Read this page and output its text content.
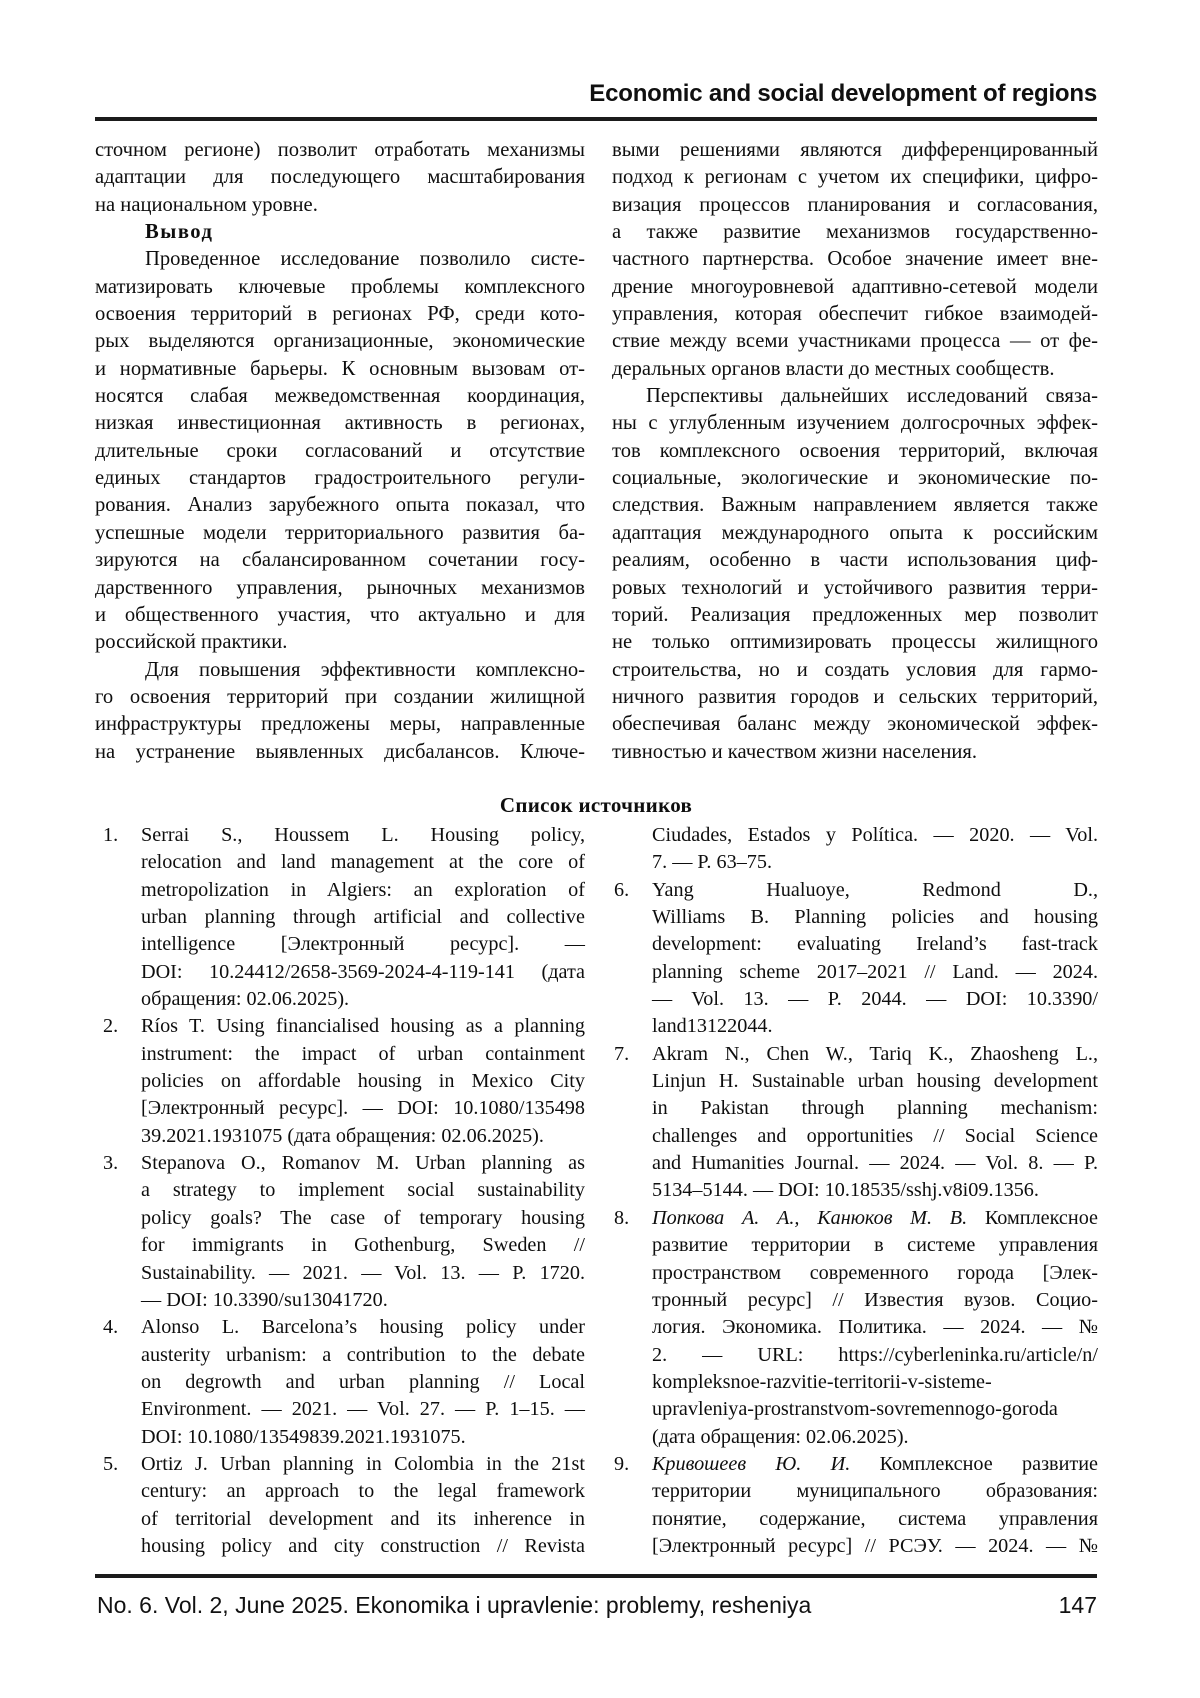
Economic and social development of regions
сточном регионе) позволит отработать механизмы
адаптации для последующего масштабирования
на национальном уровне.
Вывод
Проведенное исследование позволило систе-
матизировать ключевые проблемы комплексного
освоения территорий в регионах РФ, среди кото-
рых выделяются организационные, экономические
и нормативные барьеры. К основным вызовам от-
носятся слабая межведомственная координация,
низкая инвестиционная активность в регионах,
длительные сроки согласований и отсутствие
единых стандартов градостроительного регули-
рования. Анализ зарубежного опыта показал, что
успешные модели территориального развития ба-
зируются на сбалансированном сочетании госу-
дарственного управления, рыночных механизмов
и общественного участия, что актуально и для
российской практики.
Для повышения эффективности комплексно-
го освоения территорий при создании жилищной
инфраструктуры предложены меры, направленные
на устранение выявленных дисбалансов. Ключе-
выми решениями являются дифференцированный
подход к регионам с учетом их специфики, цифро-
визация процессов планирования и согласования,
а также развитие механизмов государственно-
частного партнерства. Особое значение имеет вне-
дрение многоуровневой адаптивно-сетевой модели
управления, которая обеспечит гибкое взаимодей-
ствие между всеми участниками процесса — от фе-
деральных органов власти до местных сообществ.
Перспективы дальнейших исследований связа-
ны с углубленным изучением долгосрочных эффек-
тов комплексного освоения территорий, включая
социальные, экологические и экономические по-
следствия. Важным направлением является также
адаптация международного опыта к российским
реалиям, особенно в части использования циф-
ровых технологий и устойчивого развития терри-
торий. Реализация предложенных мер позволит
не только оптимизировать процессы жилищного
строительства, но и создать условия для гармо-
ничного развития городов и сельских территорий,
обеспечивая баланс между экономической эффек-
тивностью и качеством жизни населения.
Список источников
1. Serrai S., Houssem L. Housing policy,
relocation and land management at the core of
metropolization in Algiers: an exploration of
urban planning through artificial and collective
intelligence [Электронный ресурс]. —
DOI: 10.24412/2658-3569-2024-4-119-141 (дата
обращения: 02.06.2025).
2. Ríos T. Using financialised housing as a planning
instrument: the impact of urban containment
policies on affordable housing in Mexico City
[Электронный ресурс]. — DOI: 10.1080/135498
39.2021.1931075 (дата обращения: 02.06.2025).
3. Stepanova O., Romanov M. Urban planning as
a strategy to implement social sustainability
policy goals? The case of temporary housing
for immigrants in Gothenburg, Sweden //
Sustainability. — 2021. — Vol. 13. — P. 1720.
— DOI: 10.3390/su13041720.
4. Alonso L. Barcelona’s housing policy under
austerity urbanism: a contribution to the debate
on degrowth and urban planning // Local
Environment. — 2021. — Vol. 27. — P. 1–15. —
DOI: 10.1080/13549839.2021.1931075.
5. Ortiz J. Urban planning in Colombia in the 21st
century: an approach to the legal framework
of territorial development and its inherence in
housing policy and city construction // Revista
Ciudades, Estados y Política. — 2020. — Vol.
7. — P. 63–75.
6. Yang Hualuoye, Redmond D.,
Williams B. Planning policies and housing
development: evaluating Ireland’s fast-track
planning scheme 2017–2021 // Land. — 2024.
— Vol. 13. — P. 2044. — DOI: 10.3390/
land13122044.
7. Akram N., Chen W., Tariq K., Zhaosheng L.,
Linjun H. Sustainable urban housing development
in Pakistan through planning mechanism:
challenges and opportunities // Social Science
and Humanities Journal. — 2024. — Vol. 8. — P.
5134–5144. — DOI: 10.18535/sshj.v8i09.1356.
8. Попкова А. А., Канюков М. В. Комплексное
развитие территории в системе управления
пространством современного города [Элек-
тронный ресурс] // Известия вузов. Социо-
логия. Экономика. Политика. — 2024. — №
2. — URL: https://cyberleninka.ru/article/n/
kompleksnoe-razvitie-territorii-v-sisteme-
upravleniya-prostranstvom-sovremennogo-goroda
(дата обращения: 02.06.2025).
9. Кривошеев Ю. И. Комплексное развитие
территории муниципального образования:
понятие, содержание, система управления
[Электронный ресурс] // РСЭУ. — 2024. — №
No. 6. Vol. 2, June 2025. Ekonomika i upravlenie: problemy, resheniya	147
